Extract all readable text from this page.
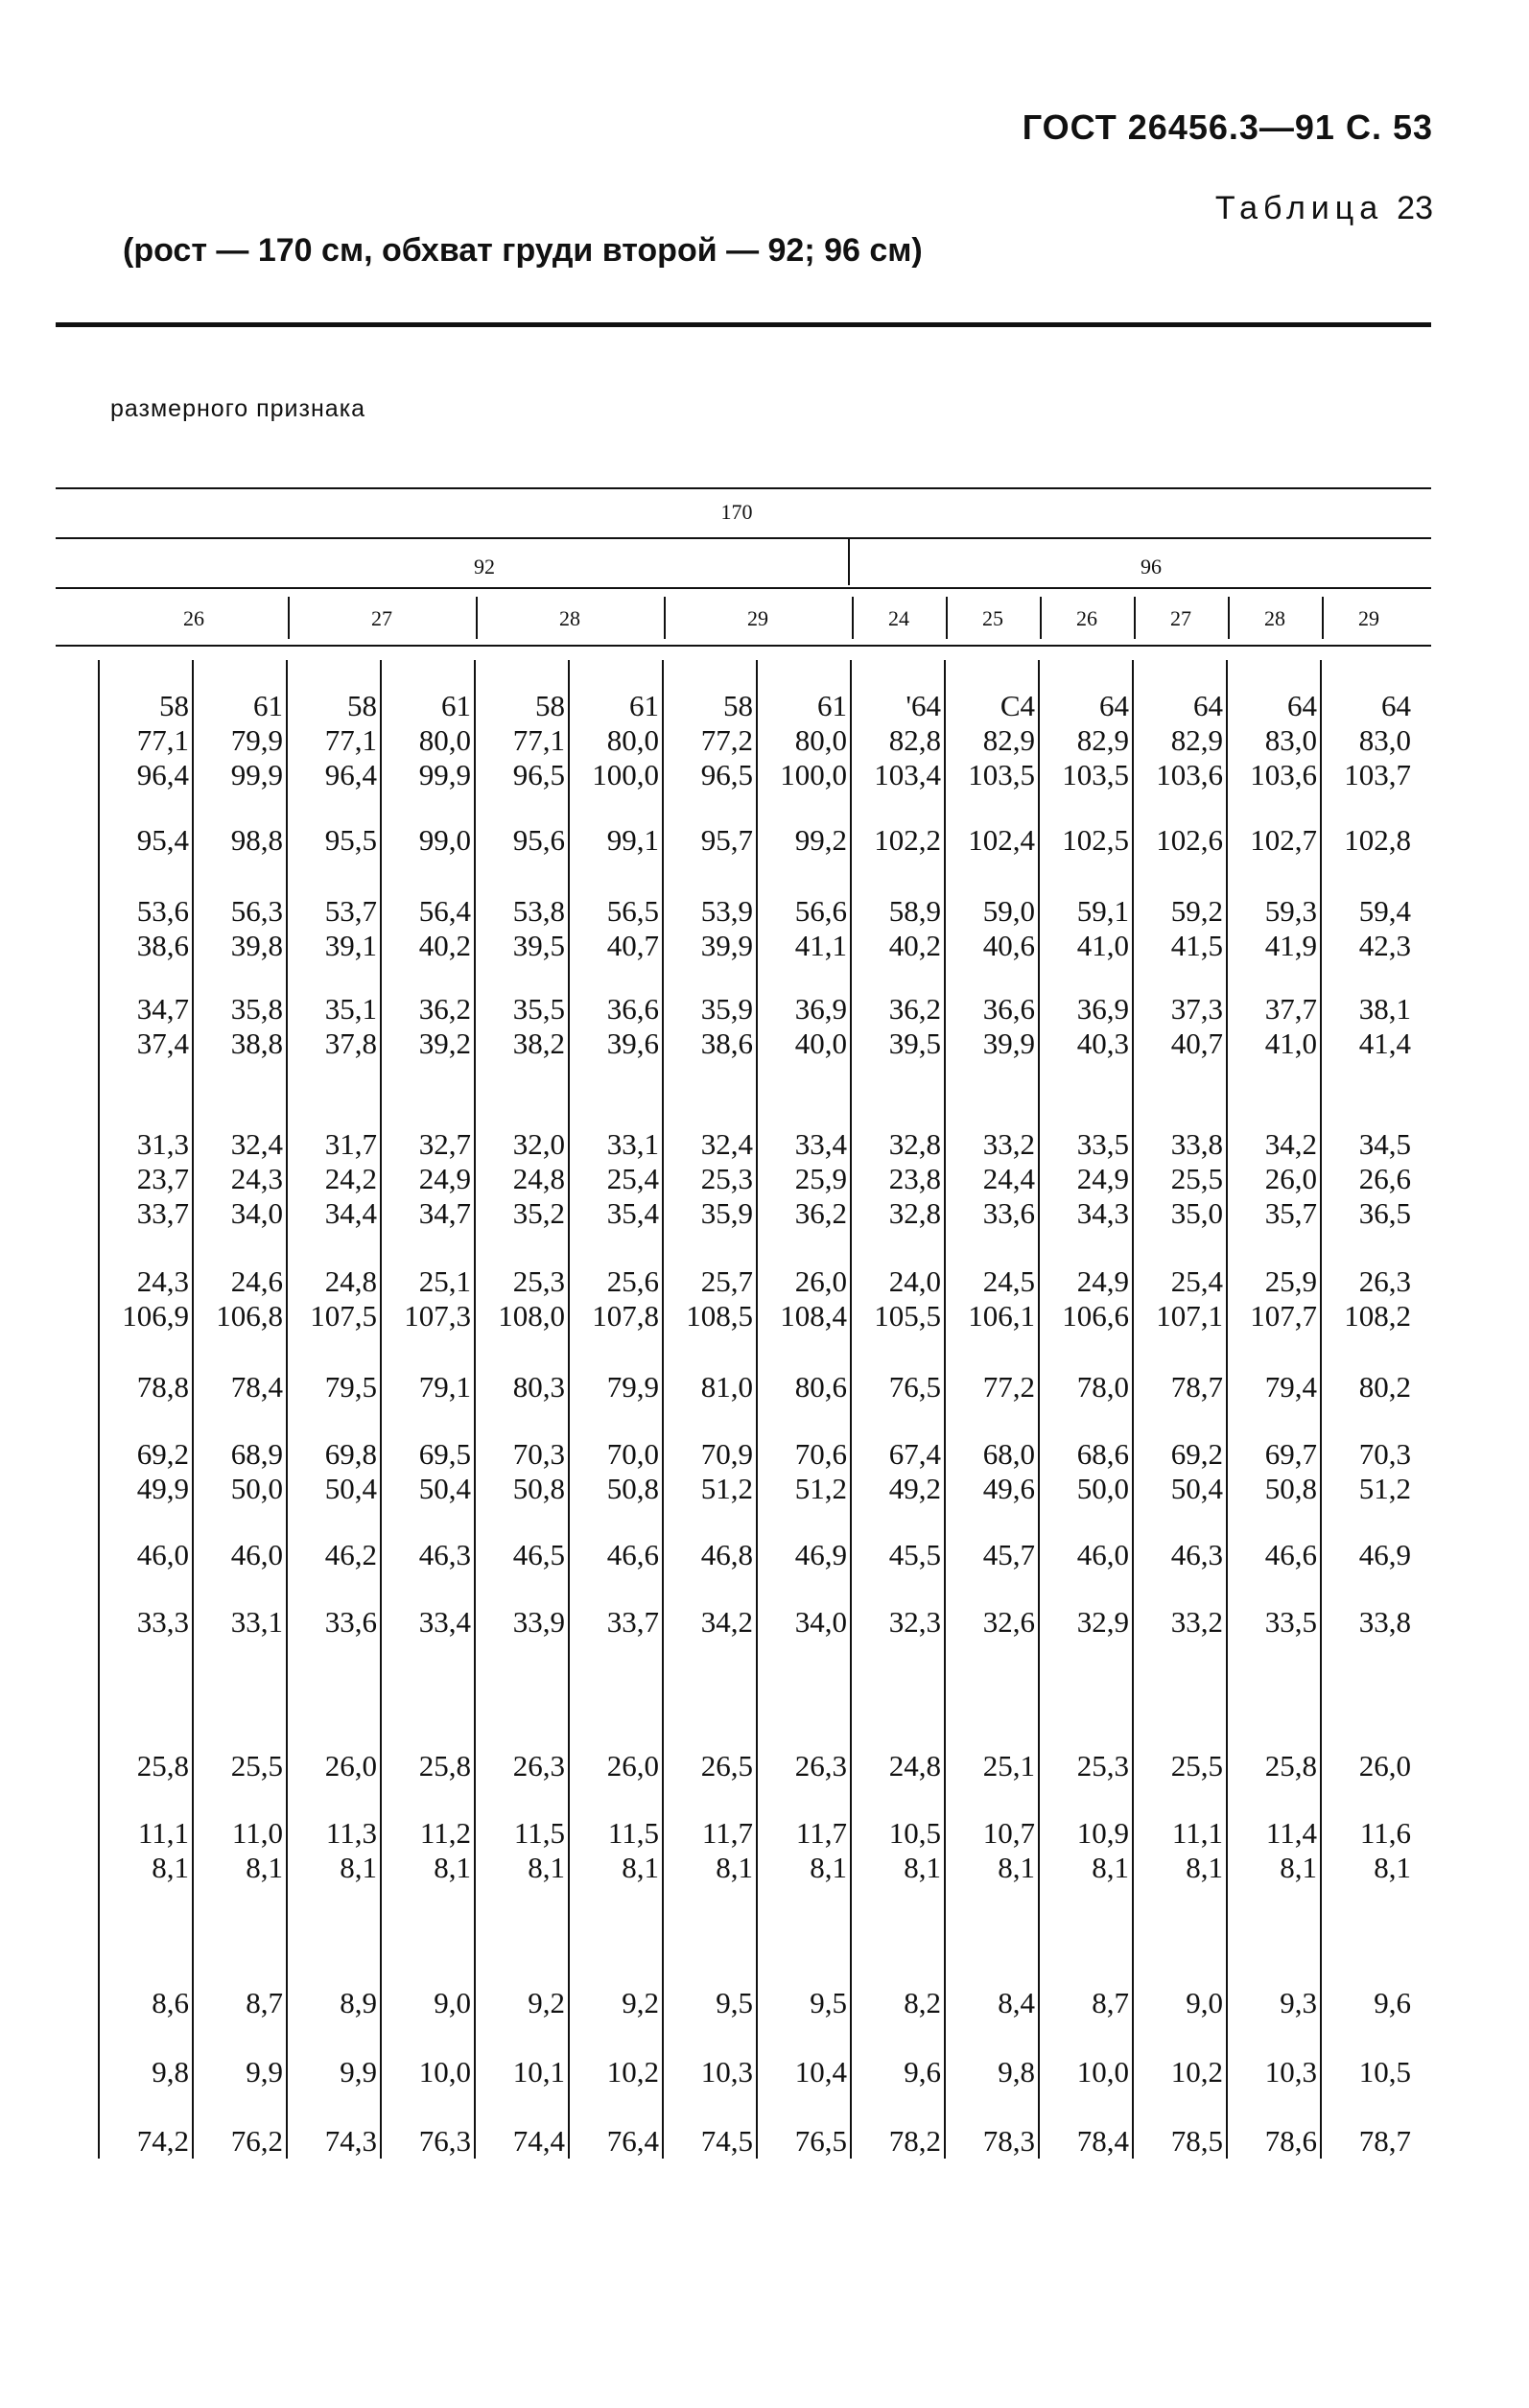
ГОСТ 26456.3—91 С. 53
Таблица 23
(рост — 170 см, обхват груди второй — 92; 96 см)
размерного признака
170
92	96
26	27	28	29	24	25	26	27	28	29
58	61	58	61	58	61	58	61	'64	C4	64	64	64	64
77,1	79,9	77,1	80,0	77,1	80,0	77,2	80,0	82,8	82,9	82,9	82,9	83,0	83,0
96,4	99,9	96,4	99,9	96,5 100,0	96,5 100,0 103,4 103,5 103,5 103,6 103,6 103,7
95,4	98,8	95,5	99,0	95,6	99,1	95,7	99,2 102,2 102,4 102,5 102,6 102,7 102,8
53,6	56,3	53,7	56,4	53,8	56,5	53,9	56,6	58,9	59,0	59,1	59,2	59,3	59,4
38,6	39,8	39,1	40,2	39,5	40,7	39,9	41,1	40,2	40,6	41,0	41,5	41,9	42,3
34,7	35,8	35,1	36,2	35,5	36,6	35,9	36,9	36,2	36,6	36,9	37,3	37,7	38,1
37,4	38,8	37,8	39,2	38,2	39,6	38,6	40,0	39,5	39,9	40,3	40,7	41,0	41,4
31,3	32,4	31,7	32,7	32,0	33,1	32,4	33,4	32,8	33,2	33,5	33,8	34,2	34,5
23,7	24,3	24,2	24,9	24,8	25,4	25,3	25,9	23,8	24,4	24,9	25,5	26,0	26,6
33,7	34,0	34,4	34,7	35,2	35,4	35,9	36,2	32,8	33,6	34,3	35,0	35,7	36,5
24,3	24,6	24,8	25,1	25,3	25,6	25,7	26,0	24,0	24,5	24,9	25,4	25,9	26,3
106,9 106,8 107,5 107,3 108,0 107,8 108,5 108,4 105,5 106,1 106,6 107,1 107,7 108,2
78,8	78,4	79,5	79,1	80,3	79,9	81,0	80,6	76,5	77,2	78,0	78,7	79,4	80,2
69,2	68,9	69,8	69,5	70,3	70,0	70,9	70,6	67,4	68,0	68,6	69,2	69,7	70,3
49,9	50,0	50,4	50,4	50,8	50,8	51,2	51,2	49,2	49,6	50,0	50,4	50,8	51,2
46,0	46,0	46,2	46,3	46,5	46,6	46,8	46,9	45,5	45,7	46,0	46,3	46,6	46,9
33,3	33,1	33,6	33,4	33,9	33,7	34,2	34,0	32,3	32,6	32,9	33,2	33,5	33,8
25,8	25,5	26,0	25,8	26,3	26,0	26,5	26,3	24,8	25,1	25,3	25,5	25,8	26,0
11,1	11,0	11,3	11,2	11,5	11,5	11,7	11,7	10,5	10,7	10,9	11,1	11,4	11,6
8,1	8,1	8,1	8,1	8,1	8,1	8,1	8,1	8,1	8,1	8,1	8,1	8,1	8,1
8,6	8,7	8,9	9,0	9,2	9,2	9,5	9,5	8,2	8,4	8,7	9,0	9,3	9,6
9,8	9,9	9,9	10,0	10,1	10,2	10,3	10,4	9,6	9,8	10,0	10,2	10,3	10,5
74,2	76,2	74,3	76,3	74,4	76,4	74,5	76,5	78,2	78,3	78,4	78,5	78,6	78,7
